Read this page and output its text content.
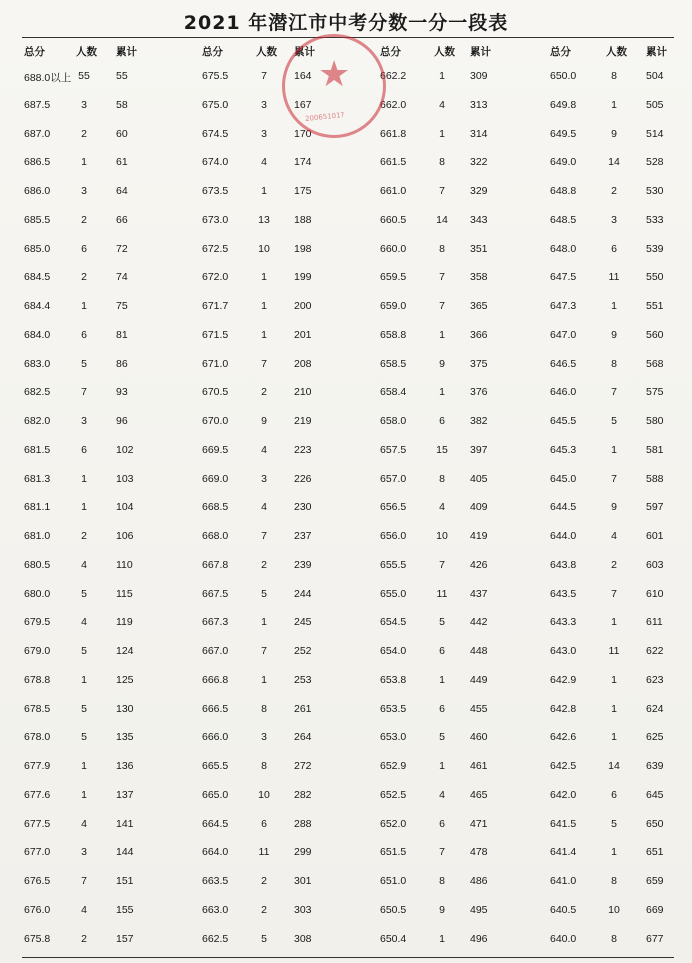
2021 年潜江市中考分数一分一段表
总分	人数 累计	总分	人数 累计	总分	人数 累计	总分	人数 累计
688.0以上 55	55
687.5	3	58
687.0	2	60
686.5	1	61
686.0	3	64
685.5	2	66
685.0	6	72
684.5	2	74
684.4	1	75
684.0	6	81
683.0	5	86
682.5	7	93
682.0	3	96
681.5	6	102
681.3	1	103
681.1	1	104
681.0	2	106
680.5	4	110
680.0	5	115
679.5	4	119
679.0	5	124
678.8	1	125
678.5	5	130
678.0	5	135
677.9	1	136
677.6	1	137
677.5	4	141
677.0	3	144
676.5	7	151
676.0	4	155
675.8	2	157
675.5	7	164
675.0	3	167
674.5	3	170
674.0	4	174
673.5	1	175
673.0	13	188
672.5	10	198
672.0	1	199
671.7	1	200
671.5	1	201
671.0	7	208
670.5	2	210
670.0	9	219
669.5	4	223
669.0	3	226
668.5	4	230
668.0	7	237
667.8	2	239
667.5	5	244
667.3	1	245
667.0	7	252
666.8	1	253
666.5	8	261
666.0	3	264
665.5	8	272
665.0	10	282
664.5	6	288
664.0	11	299
663.5	2	301
663.0	2	303
662.5	5	308
662.2	1	309
662.0	4	313
661.8	1	314
661.5	8	322
661.0	7	329
660.5	14	343
660.0	8	351
659.5	7	358
659.0	7	365
658.8	1	366
658.5	9	375
658.4	1	376
658.0	6	382
657.5	15	397
657.0	8	405
656.5	4	409
656.0	10	419
655.5	7	426
655.0	11	437
654.5	5	442
654.0	6	448
653.8	1	449
653.5	6	455
653.0	5	460
652.9	1	461
652.5	4	465
652.0	6	471
651.5	7	478
651.0	8	486
650.5	9	495
650.4	1	496
650.0	8	504
649.8	1	505
649.5	9	514
649.0	14	528
648.8	2	530
648.5	3	533
648.0	6	539
647.5	11	550
647.3	1	551
647.0	9	560
646.5	8	568
646.0	7	575
645.5	5	580
645.3	1	581
645.0	7	588
644.5	9	597
644.0	4	601
643.8	2	603
643.5	7	610
643.3	1	611
643.0	11	622
642.9	1	623
642.8	1	624
642.6	1	625
642.5	14	639
642.0	6	645
641.5	5	650
641.4	1	651
641.0	8	659
640.5	10	669
640.0	8	677
★
20065101?
